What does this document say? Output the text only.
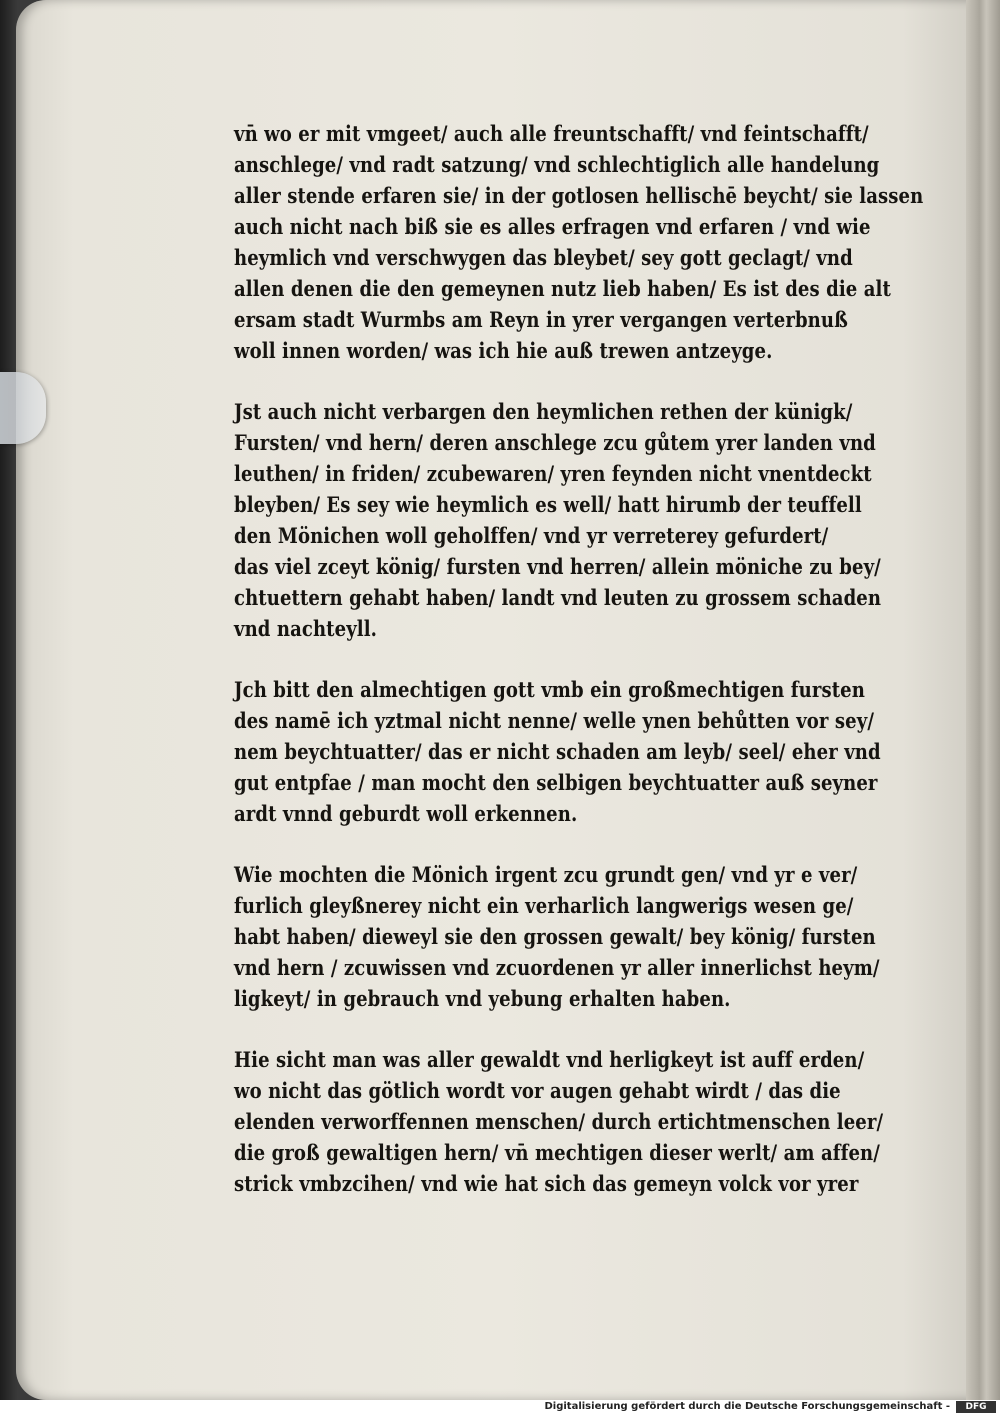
vn̄ wo er mit vmgeet/ auch alle freuntschafft/ vnd feintschafft/
anschlege/ vnd radt satzung/ vnd schlechtiglich alle handelung
aller stende erfaren sie/ in der gotlosen hellischē beycht/ sie lassen
auch nicht nach biß sie es alles erfragen vnd erfaren / vnd wie
heymlich vnd verschwygen das bleybet/ sey gott geclagt/ vnd
allen denen die den gemeynen nutz lieb haben/ Es ist des die alt
ersam stadt Wurmbs am Reyn in yrer vergangen verterbnuß
woll innen worden/ was ich hie auß trewen antzeyge.
Jst auch nicht verbargen den heymlichen rethen der künigk/
Fursten/ vnd hern/ deren anschlege zcu gůtem yrer landen vnd
leuthen/ in friden/ zcubewaren/ yren feynden nicht vnentdeckt
bleyben/ Es sey wie heymlich es well/ hatt hirumb der teuffell
den Mönichen woll geholffen/ vnd yr verreterey gefurdert/
das viel zceyt könig/ fursten vnd herren/ allein möniche zu bey/
chtuettern gehabt haben/ landt vnd leuten zu grossem schaden
vnd nachteyll.
Jch bitt den almechtigen gott vmb ein großmechtigen fursten
des namē ich yztmal nicht nenne/ welle ynen behůtten vor sey/
nem beychtuatter/ das er nicht schaden am leyb/ seel/ eher vnd
gut entpfae / man mocht den selbigen beychtuatter auß seyner
ardt vnnd geburdt woll erkennen.
Wie mochten die Mönich irgent zcu grundt gen/ vnd yr e ver/
furlich gleyßnerey nicht ein verharlich langwerigs wesen ge/
habt haben/ dieweyl sie den grossen gewalt/ bey könig/ fursten
vnd hern / zcuwissen vnd zcuordenen yr aller innerlichst heym/
ligkeyt/ in gebrauch vnd yebung erhalten haben.
Hie sicht man was aller gewaldt vnd herligkeyt ist auff erden/
wo nicht das götlich wordt vor augen gehabt wirdt / das die
elenden verworffennen menschen/ durch ertichtmenschen leer/
die groß gewaltigen hern/ vn̄ mechtigen dieser werlt/ am affen/
strick vmbzcihen/ vnd wie hat sich das gemeyn volck vor yrer
Digitalisierung gefördert durch die Deutsche Forschungsgemeinschaft -	DFG
